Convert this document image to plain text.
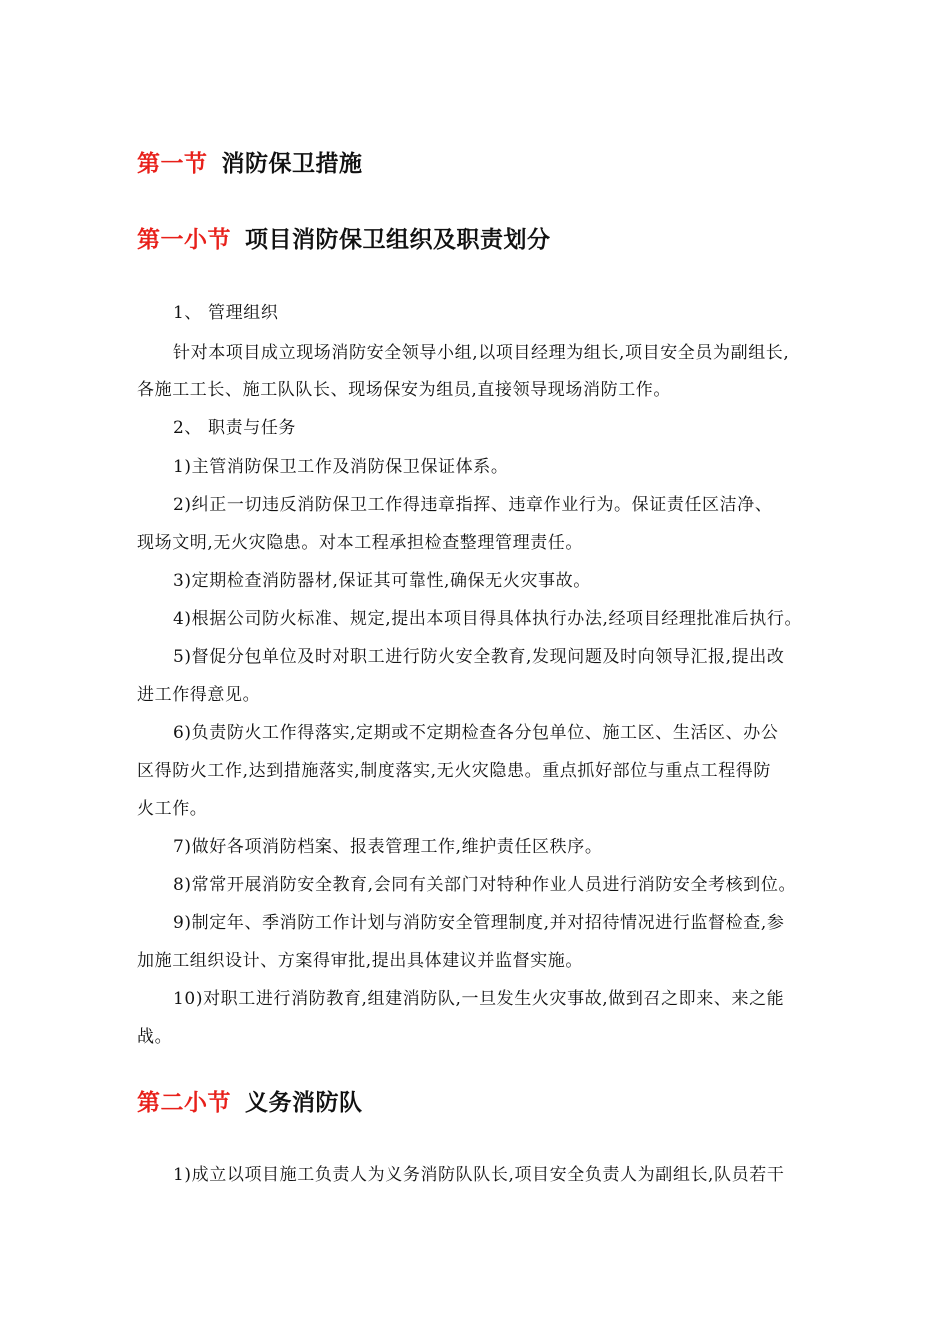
第一节 消防保卫措施
第一小节 项目消防保卫组织及职责划分
1、 管理组织
针对本项目成立现场消防安全领导小组,以项目经理为组长,项目安全员为副组长,
各施工工长、施工队队长、现场保安为组员,直接领导现场消防工作。
2、 职责与任务
1)主管消防保卫工作及消防保卫保证体系。
2)纠正一切违反消防保卫工作得违章指挥、违章作业行为。保证责任区洁净、
现场文明,无火灾隐患。对本工程承担检查整理管理责任。
3)定期检查消防器材,保证其可靠性,确保无火灾事故。
4)根据公司防火标准、规定,提出本项目得具体执行办法,经项目经理批准后执行。
5)督促分包单位及时对职工进行防火安全教育,发现问题及时向领导汇报,提出改
进工作得意见。
6)负责防火工作得落实,定期或不定期检查各分包单位、施工区、生活区、办公
区得防火工作,达到措施落实,制度落实,无火灾隐患。重点抓好部位与重点工程得防
火工作。
7)做好各项消防档案、报表管理工作,维护责任区秩序。
8)常常开展消防安全教育,会同有关部门对特种作业人员进行消防安全考核到位。
9)制定年、季消防工作计划与消防安全管理制度,并对招待情况进行监督检查,参
加施工组织设计、方案得审批,提出具体建议并监督实施。
10)对职工进行消防教育,组建消防队,一旦发生火灾事故,做到召之即来、来之能
战。
第二小节 义务消防队
1)成立以项目施工负责人为义务消防队队长,项目安全负责人为副组长,队员若干
